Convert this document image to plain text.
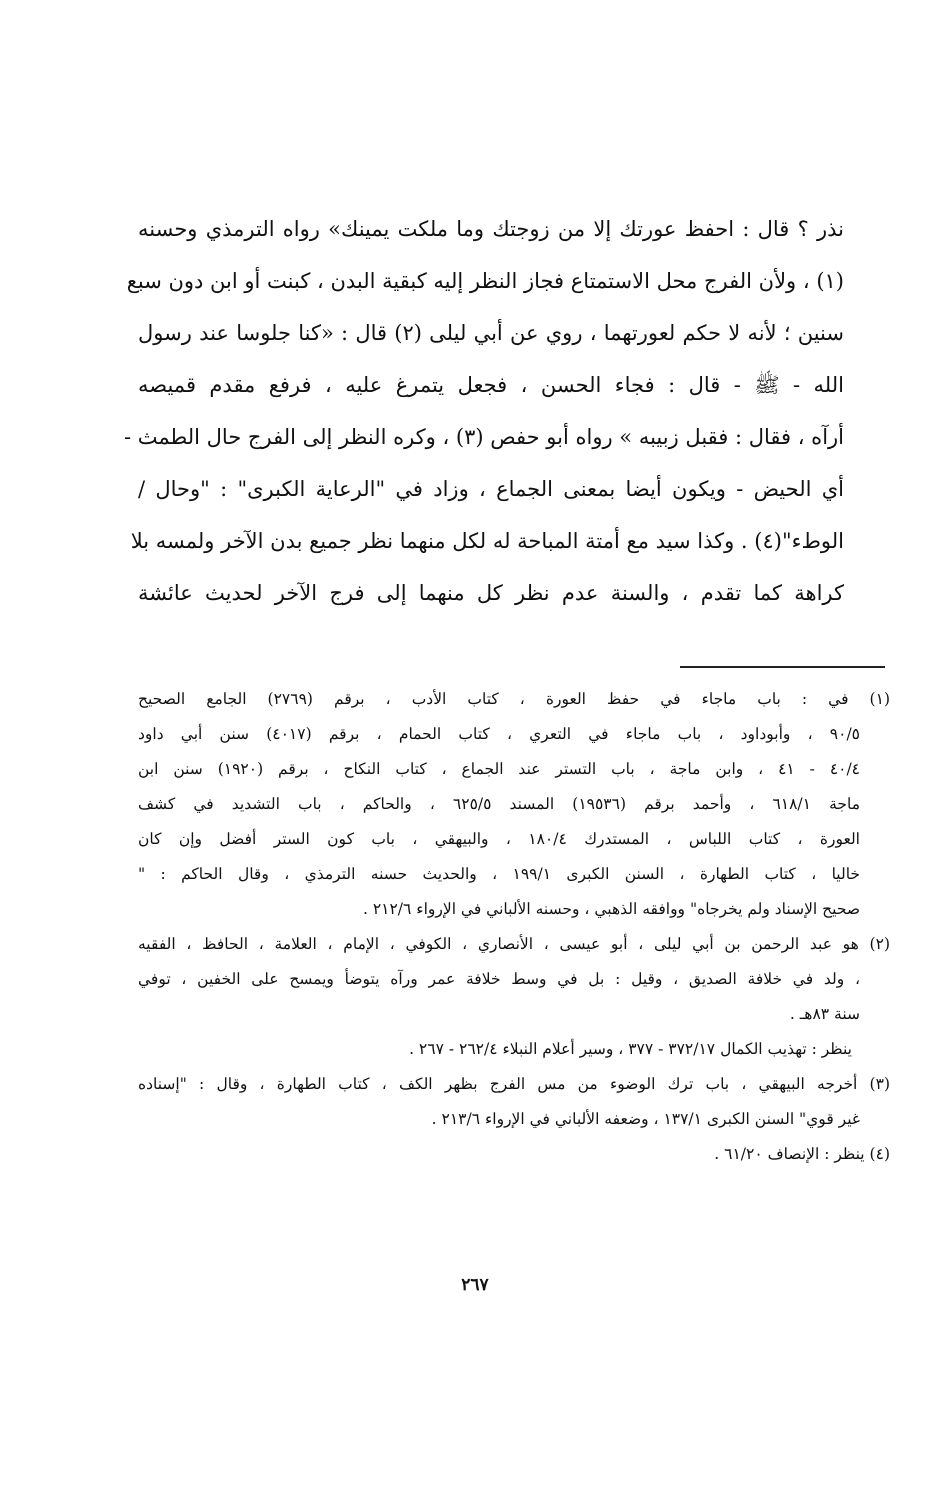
نذر ؟ قال : احفظ عورتك إلا من زوجتك وما ملكت يمينك» رواه الترمذي وحسنه
(١) ، ولأن الفرج محل الاستمتاع فجاز النظر إليه كبقية البدن ، كبنت أو ابن دون سبع
سنين ؛ لأنه لا حكم لعورتهما ، روي عن أبي ليلى (٢) قال : «كنا جلوسا عند رسول
الله - ﷺ - قال : فجاء الحسن ، فجعل يتمرغ عليه ، فرفع مقدم قميصه
أرآه ، فقال : فقبل زبيبه » رواه أبو حفص (٣) ، وكره النظر إلى الفرج حال الطمث -
أي الحيض - ويكون أيضا بمعنى الجماع ، وزاد في "الرعاية الكبرى" : "وحال /
الوطء"(٤) . وكذا سيد مع أمتة المباحة له لكل منهما نظر جميع بدن الآخر ولمسه بلا
كراهة كما تقدم ، والسنة عدم نظر كل منهما إلى فرج الآخر لحديث عائشة
(١) في : باب ماجاء في حفظ العورة ، كتاب الأدب ، برقم (٢٧٦٩) الجامع الصحيح
٩٠/٥ ، وأبوداود ، باب ماجاء في التعري ، كتاب الحمام ، برقم (٤٠١٧) سنن أبي داود
٤٠/٤ - ٤١ ، وابن ماجة ، باب التستر عند الجماع ، كتاب النكاح ، برقم (١٩٢٠) سنن ابن
ماجة ٦١٨/١ ، وأحمد برقم (١٩٥٣٦) المسند ٦٢٥/٥ ، والحاكم ، باب التشديد في كشف
العورة ، كتاب اللباس ، المستدرك ١٨٠/٤ ، والبيهقي ، باب كون الستر أفضل وإن كان
خاليا ، كتاب الطهارة ، السنن الكبرى ١٩٩/١ ، والحديث حسنه الترمذي ، وقال الحاكم : "
صحيح الإسناد ولم يخرجاه" ووافقه الذهبي ، وحسنه الألباني في الإرواء ٢١٢/٦ .
(٢) هو عبد الرحمن بن أبي ليلى ، أبو عيسى ، الأنصاري ، الكوفي ، الإمام ، العلامة ، الحافظ ، الفقيه
، ولد في خلافة الصديق ، وقيل : بل في وسط خلافة عمر ورآه يتوضأ ويمسح على الخفين ، توفي
سنة ٨٣هـ .
ينظر : تهذيب الكمال ٣٧٢/١٧ - ٣٧٧ ، وسير أعلام النبلاء ٢٦٢/٤ - ٢٦٧ .
(٣) أخرجه البيهقي ، باب ترك الوضوء من مس الفرج بظهر الكف ، كتاب الطهارة ، وقال : "إسناده
غير قوي" السنن الكبرى ١٣٧/١ ، وضعفه الألباني في الإرواء ٢١٣/٦ .
(٤) ينظر : الإنصاف ٦١/٢٠ .
٢٦٧
